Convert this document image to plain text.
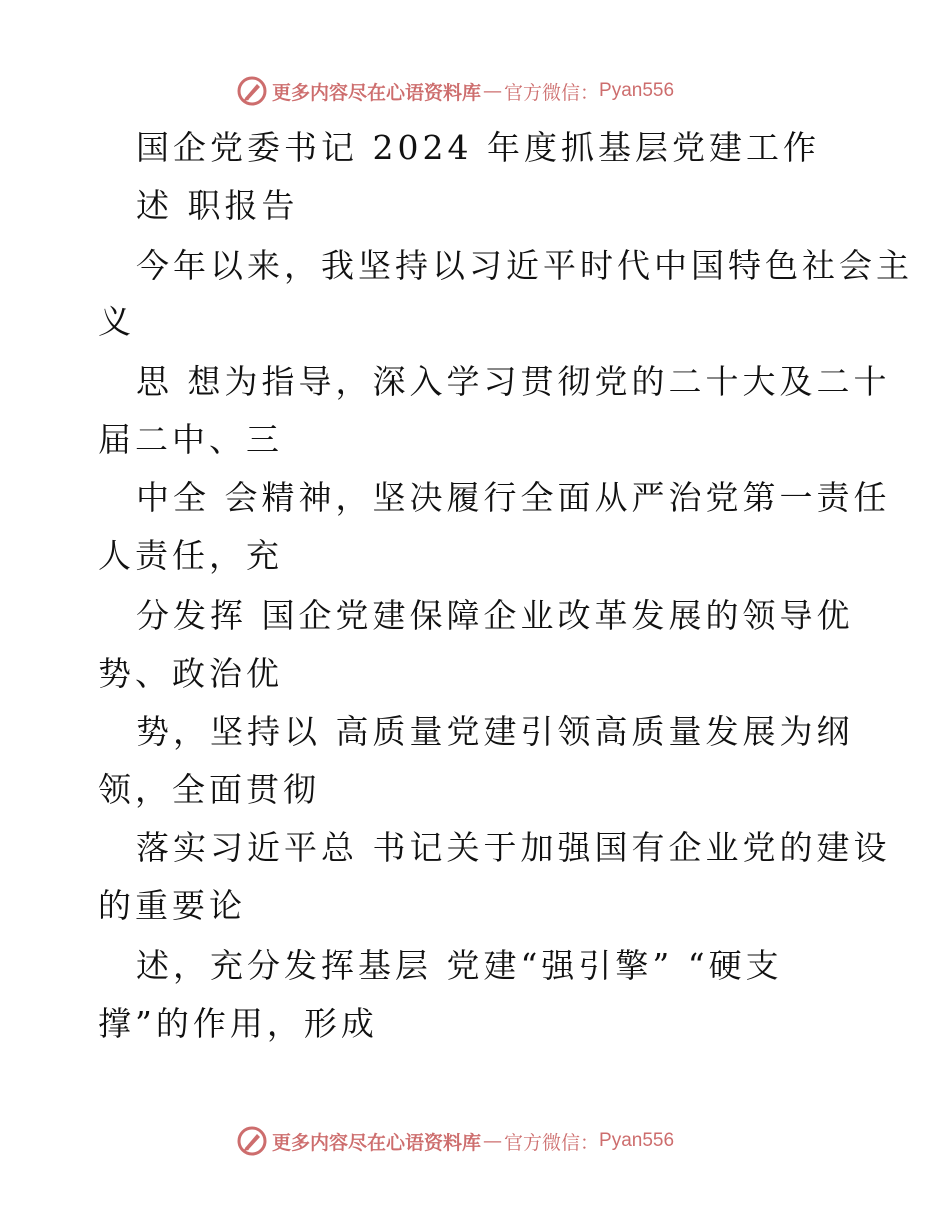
更多内容尽在心语资料库 — 官方微信： Pyan556
国企党委书记 2024 年度抓基层党建工作
述 职报告
今年以来，我坚持以习近平时代中国特色社会主
义
思 想为指导，深入学习贯彻党的二十大及二十
届二中、三
中全 会精神，坚决履行全面从严治党第一责任
人责任，充
分发挥 国企党建保障企业改革发展的领导优
势、政治优
势，坚持以 高质量党建引领高质量发展为纲
领，全面贯彻
落实习近平总 书记关于加强国有企业党的建设
的重要论
述，充分发挥基层 党建“强引擎” “硬支
撑”的作用，形成
更多内容尽在心语资料库 — 官方微信： Pyan556
